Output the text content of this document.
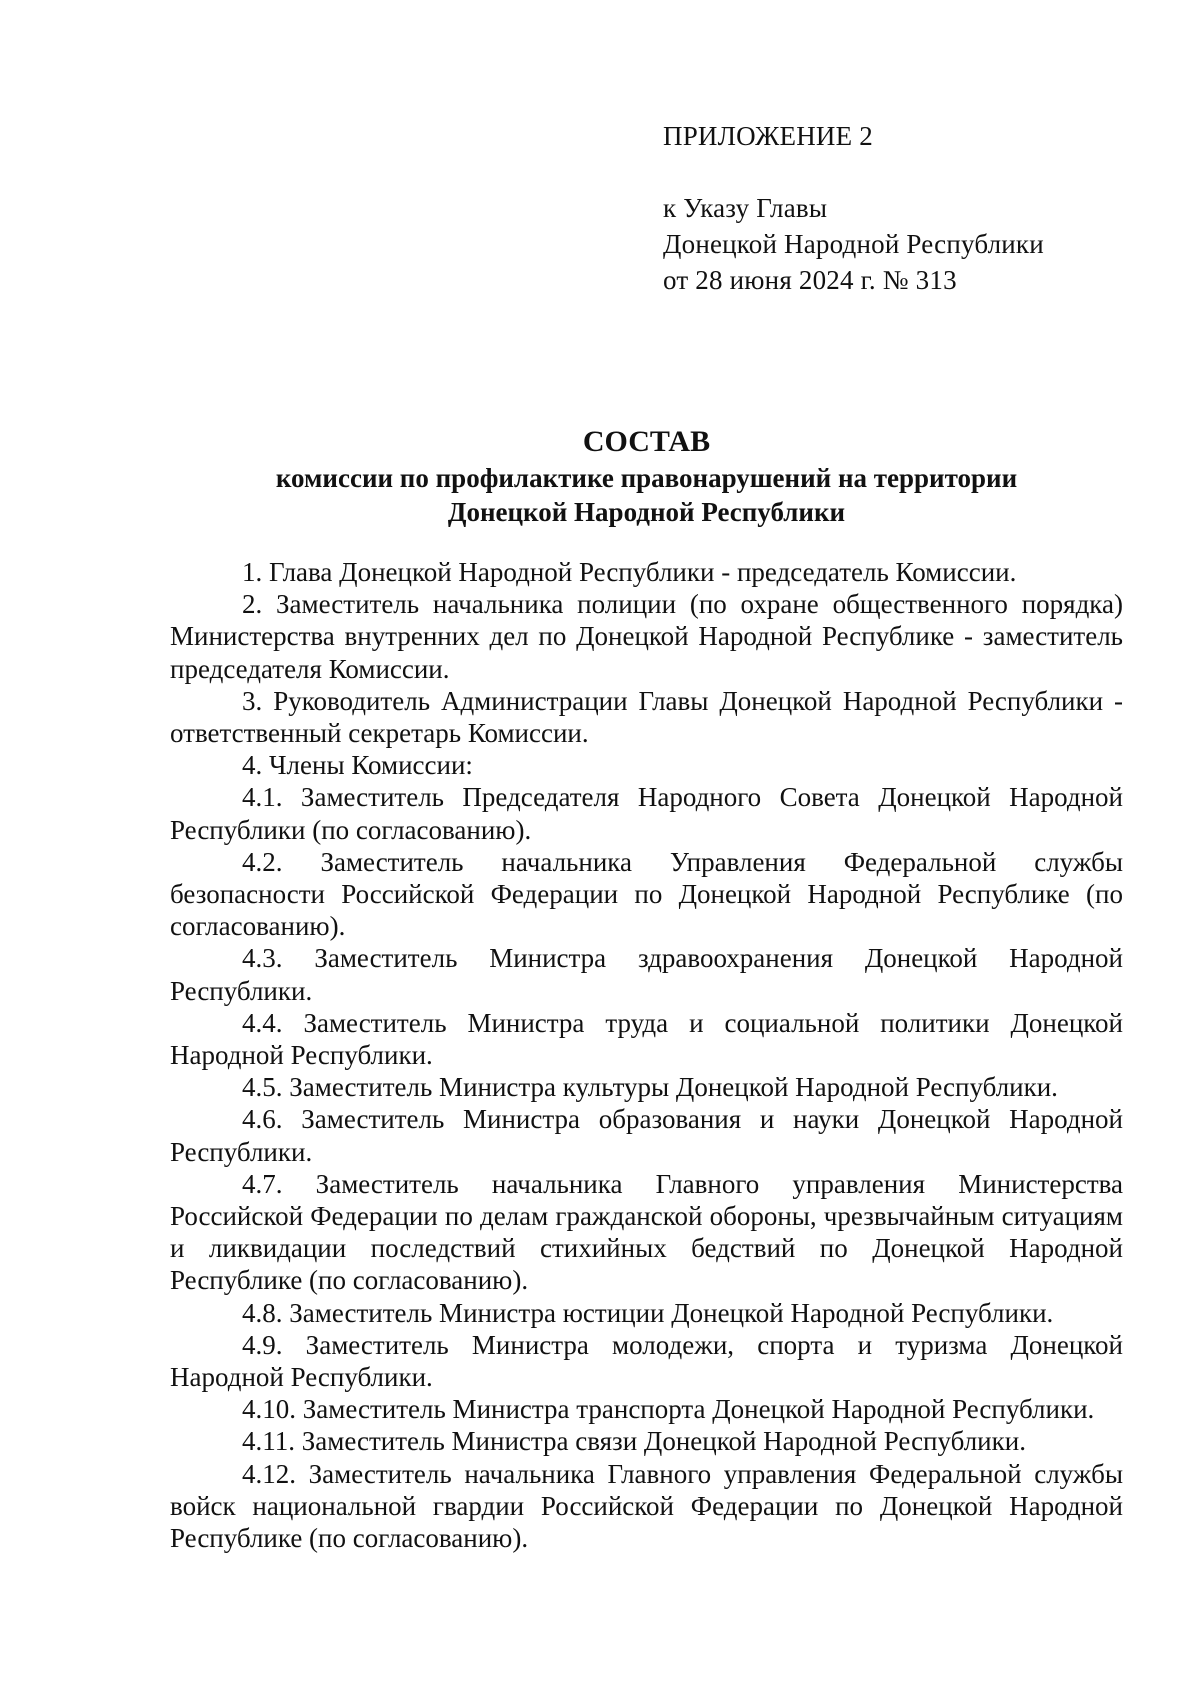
ПРИЛОЖЕНИЕ 2
к Указу Главы
Донецкой Народной Республики
от 28 июня 2024 г. № 313
СОСТАВ
комиссии по профилактике правонарушений на территории
Донецкой Народной Республики

1. Глава Донецкой Народной Республики - председатель Комиссии.

2. Заместитель начальника полиции (по охране общественного порядка) Министерства внутренних дел по Донецкой Народной Республике - заместитель председателя Комиссии.

3. Руководитель Администрации Главы Донецкой Народной Республики - ответственный секретарь Комиссии.

4. Члены Комиссии:

4.1. Заместитель Председателя Народного Совета Донецкой Народной Республики (по согласованию).

4.2. Заместитель начальника Управления Федеральной службы безопасности Российской Федерации по Донецкой Народной Республике (по согласованию).

4.3. Заместитель Министра здравоохранения Донецкой Народной Республики.

4.4. Заместитель Министра труда и социальной политики Донецкой Народной Республики.

4.5. Заместитель Министра культуры Донецкой Народной Республики.

4.6. Заместитель Министра образования и науки Донецкой Народной Республики.

4.7. Заместитель начальника Главного управления Министерства Российской Федерации по делам гражданской обороны, чрезвычайным ситуациям и ликвидации последствий стихийных бедствий по Донецкой Народной Республике (по согласованию).

4.8. Заместитель Министра юстиции Донецкой Народной Республики.

4.9. Заместитель Министра молодежи, спорта и туризма Донецкой Народной Республики.

4.10. Заместитель Министра транспорта Донецкой Народной Республики.

4.11. Заместитель Министра связи Донецкой Народной Республики.

4.12. Заместитель начальника Главного управления Федеральной службы войск национальной гвардии Российской Федерации по Донецкой Народной Республике (по согласованию).
